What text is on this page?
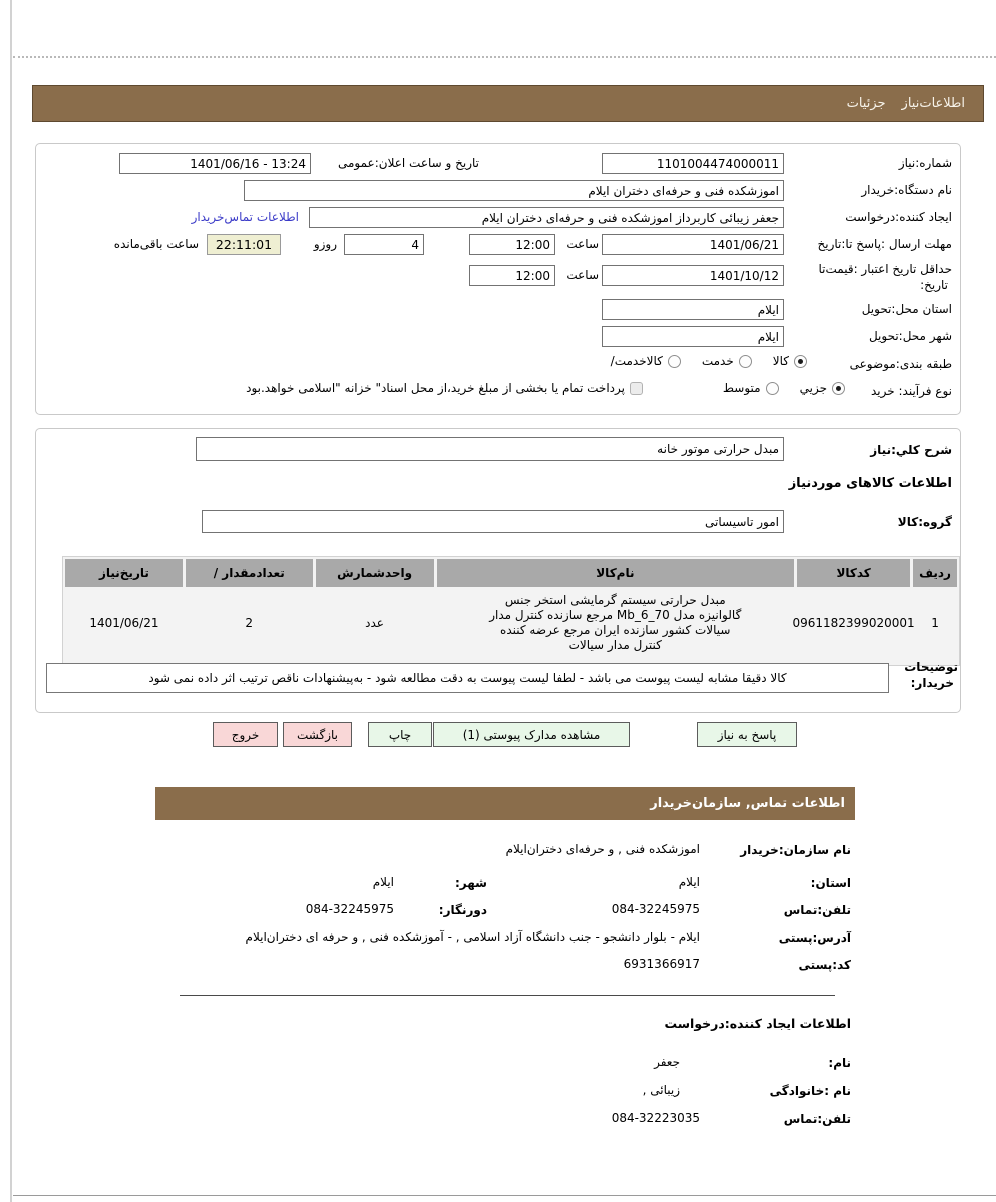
اطلاعات‌نیاز
جزئیات
شماره:نیاز
1101004474000011
تاریخ و ساعت اعلان:عمومی
1401/06/16 - 13:24
نام دستگاه:خریدار
اموزشکده فنی و حرفه‌ای دختران ایلام
ایجاد کننده:درخواست
جعفر زیبائی کاربرداز اموزشکده فنی و حرفه‌ای دختران ایلام
اطلاعات تماس‌خریدار
مهلت ارسال :پاسخ تا:تاریخ
1401/06/21
ساعت
12:00
4
روزو
22:11:01
ساعت باقی‌مانده
حداقل تاریخ اعتبار :قیمت‌تا
تاریخ:
1401/10/12
ساعت
12:00
استان محل:تحویل
ایلام
شهر محل:تحویل
ایلام
طبقه بندی:موضوعی
کالا
خدمت
کالاخدمت/
نوع فرآیند: خرید
جزیي
متوسط
پرداخت تمام یا بخشی از مبلغ خرید،از محل اسناد" خزانه "اسلامی خواهد.بود
شرح کلي:نیاز
مبدل حرارتی موتور خانه
اطلاعات کالاهای موردنیاز
گروه:کالا
امور تاسیساتی
ردیف
کدکالا
نام‌کالا
واحدشمارش
تعدادمقدار /
تاریخ‌نیاز
1
0961182399020001
مبدل حرارتی سیستم گرمایشی استخر جنس گالوانیزه مدل Mb_6_70 مرجع سازنده کنترل مدار سیالات کشور سازنده ایران مرجع عرضه کننده کنترل مدار سیالات
عدد
2
1401/06/21
توضیحات
خریدار:
کالا دقیقا مشابه لیست پیوست می باشد - لطفا لیست پیوست به دقت مطالعه شود - به‌پیشنهادات ناقص ترتیب اثر داده نمی شود
پاسخ به نیاز
مشاهده مدارک پیوستی (1)
چاپ
بازگشت
خروج
اطلاعات تماس, سازمان‌خریدار
نام سازمان:خریدار
اموزشکده فنی , و حرفه‌ای دختران‌ایلام
استان:
ایلام
شهر:
ایلام
تلفن:تماس
084-32245975
دورنگار:
084-32245975
آدرس:پستی
ایلام - بلوار دانشجو - جنب دانشگاه آزاد اسلامی , - آموزشکده فنی , و حرفه ای دختران‌ایلام
کد:پستی
6931366917
اطلاعات ایجاد کننده:درخواست
نام:
جعفر
نام :خانوادگی
زیبائی ,
تلفن:تماس
084-32223035
